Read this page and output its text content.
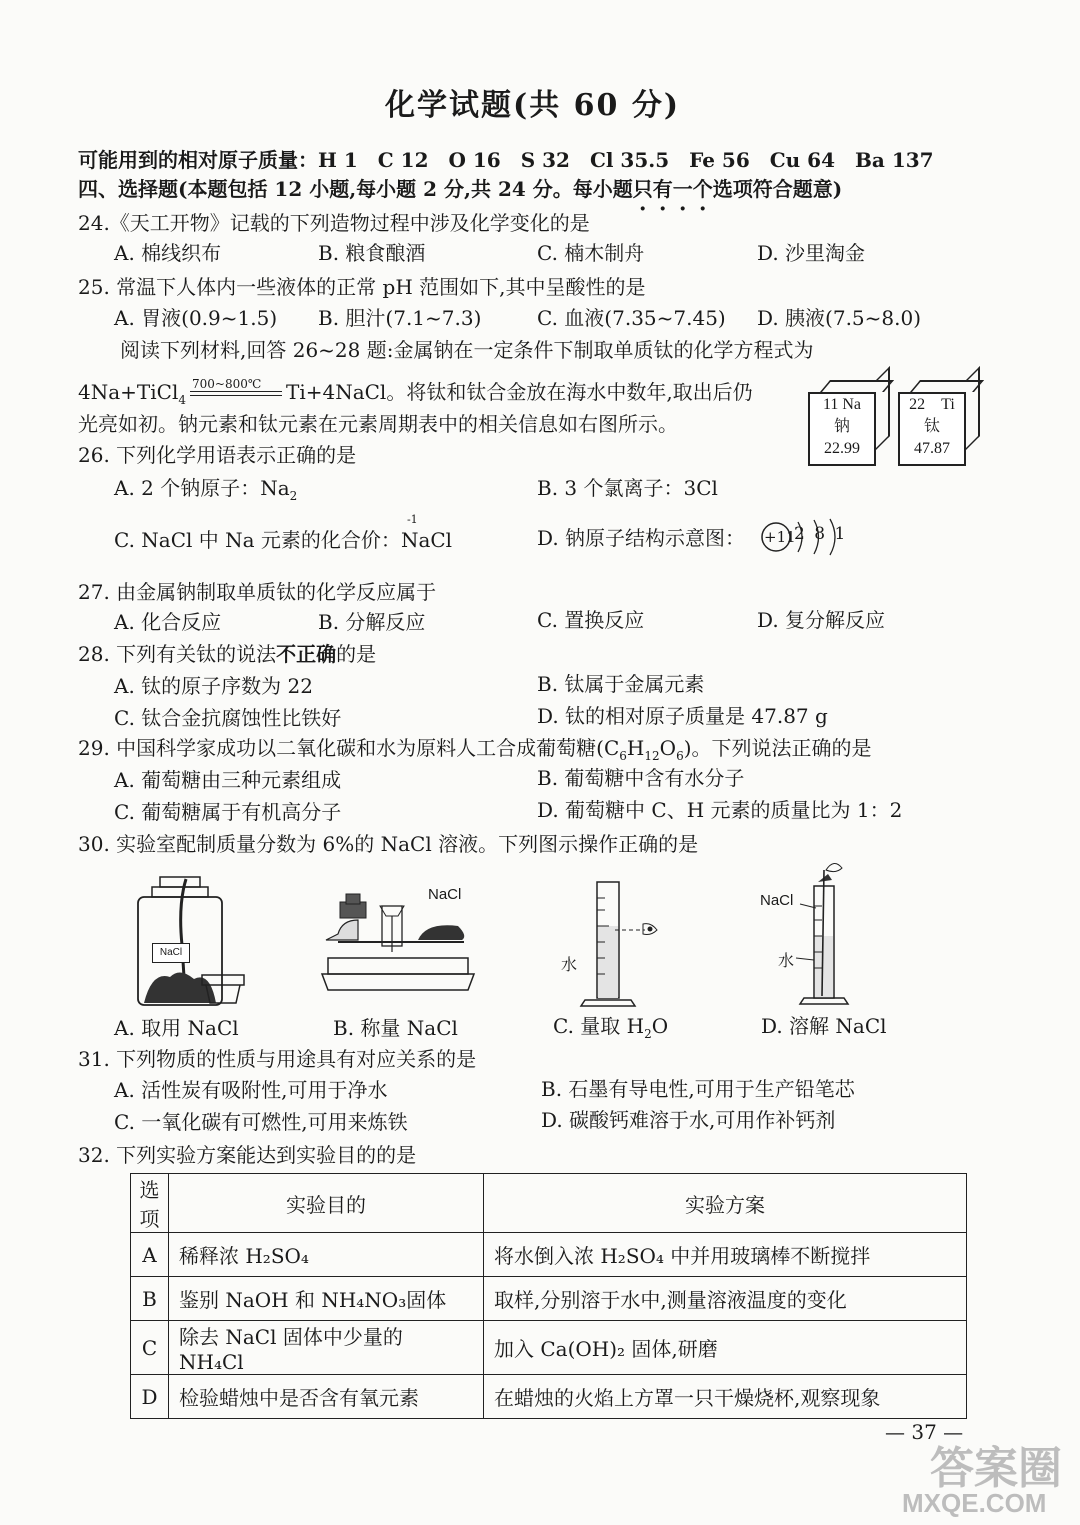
化学试题(共 60 分)
可能用到的相对原子质量：H 1　C 12　O 16　S 32　Cl 35.5　Fe 56　Cu 64　Ba 137
四、选择题(本题包括 12 小题,每小题 2 分,共 24 分。每小题只有一个选项符合题意)
24.《天工开物》记载的下列造物过程中涉及化学变化的是
A. 棉线织布	B. 粮食酿酒	C. 楠木制舟	D. 沙里淘金
25. 常温下人体内一些液体的正常 pH 范围如下,其中呈酸性的是
A. 胃液(0.9~1.5) B. 胆汁(7.1~7.3)	C. 血液(7.35~7.45) D. 胰液(7.5~8.0)
阅读下列材料,回答 26~28 题:金属钠在一定条件下制取单质钛的化学方程式为
4Na+TiCl$_4$
700~800℃ Ti+4NaCl。将钛和钛合金放在海水中数年,取出后仍
光亮如初。钠元素和钛元素在元素周期表中的相关信息如右图所示。
11 Na
钠
22.99
22　Ti
钛
47.87
26. 下列化学用语表示正确的是
A. 2 个钠原子：$Na_2$	B. 3 个氯离子：3Cl
C. NaCl 中 Na 元素的化合价：
-1
NaCl	D. 钠原子结构示意图： +11
2 8 1
27. 由金属钠制取单质钛的化学反应属于
A. 化合反应	B. 分解反应	C. 置换反应	D. 复分解反应
28. 下列有关钛的说法不正确的是
A. 钛的原子序数为 22	B. 钛属于金属元素
C. 钛合金抗腐蚀性比铁好	D. 钛的相对原子质量是 47.87 g
29. 中国科学家成功以二氧化碳和水为原料人工合成葡萄糖$(C_6H_{12}O_6)$。下列说法正确的是
A. 葡萄糖由三种元素组成	B. 葡萄糖中含有水分子
C. 葡萄糖属于有机高分子	D. 葡萄糖中 C、H 元素的质量比为 1：2
30. 实验室配制质量分数为 6%的 NaCl 溶液。下列图示操作正确的是
NaCl
NaCl
水
NaCl
水
A. 取用 NaCl	B. 称量 NaCl	C. 量取 $H_2O$	D. 溶解 NaCl
31. 下列物质的性质与用途具有对应关系的是
A. 活性炭有吸附性,可用于净水	B. 石墨有导电性,可用于生产铅笔芯
C. 一氧化碳有可燃性,可用来炼铁	D. 碳酸钙难溶于水,可用作补钙剂
32. 下列实验方案能达到实验目的的是
选项	实验目的	实验方案
A	稀释浓 H₂SO₄	将水倒入浓 H₂SO₄ 中并用玻璃棒不断搅拌
B	鉴别 NaOH 和 NH₄NO₃固体	取样,分别溶于水中,测量溶液温度的变化
C	除去 NaCl 固体中少量的 NH₄Cl	加入 Ca(OH)₂ 固体,研磨
D	检验蜡烛中是否含有氧元素	在蜡烛的火焰上方罩一只干燥烧杯,观察现象
— 37 —
答案圈
MXQE.COM
